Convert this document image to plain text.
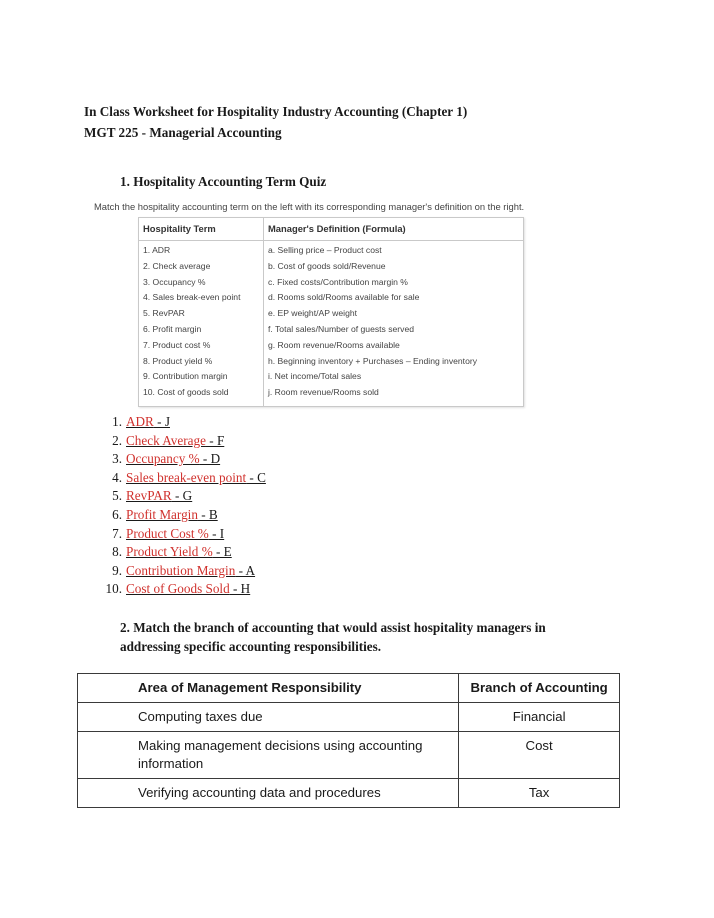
In Class Worksheet for Hospitality Industry Accounting (Chapter 1)
MGT 225 - Managerial Accounting
1. Hospitality Accounting Term Quiz
Match the hospitality accounting term on the left with its corresponding manager's definition on the right.
Hospitality Term	Manager's Definition (Formula)
1. ADR	a. Selling price – Product cost
2. Check average	b. Cost of goods sold/Revenue
3. Occupancy %	c. Fixed costs/Contribution margin %
4. Sales break-even point	d. Rooms sold/Rooms available for sale
5. RevPAR	e. EP weight/AP weight
6. Profit margin	f. Total sales/Number of guests served
7. Product cost %	g. Room revenue/Rooms available
8. Product yield %	h. Beginning inventory + Purchases – Ending inventory
9. Contribution margin	i. Net income/Total sales
10. Cost of goods sold	j. Room revenue/Rooms sold
1. ADR - J
2. Check Average - F
3. Occupancy % - D
4. Sales break-even point - C
5. RevPAR - G
6. Profit Margin - B
7. Product Cost % - I
8. Product Yield % - E
9. Contribution Margin - A
10. Cost of Goods Sold - H
2. Match the branch of accounting that would assist hospitality managers in addressing specific accounting responsibilities.
Area of Management Responsibility	Branch of Accounting
Computing taxes due	Financial
Making management decisions using accounting information	Cost
Verifying accounting data and procedures	Tax
